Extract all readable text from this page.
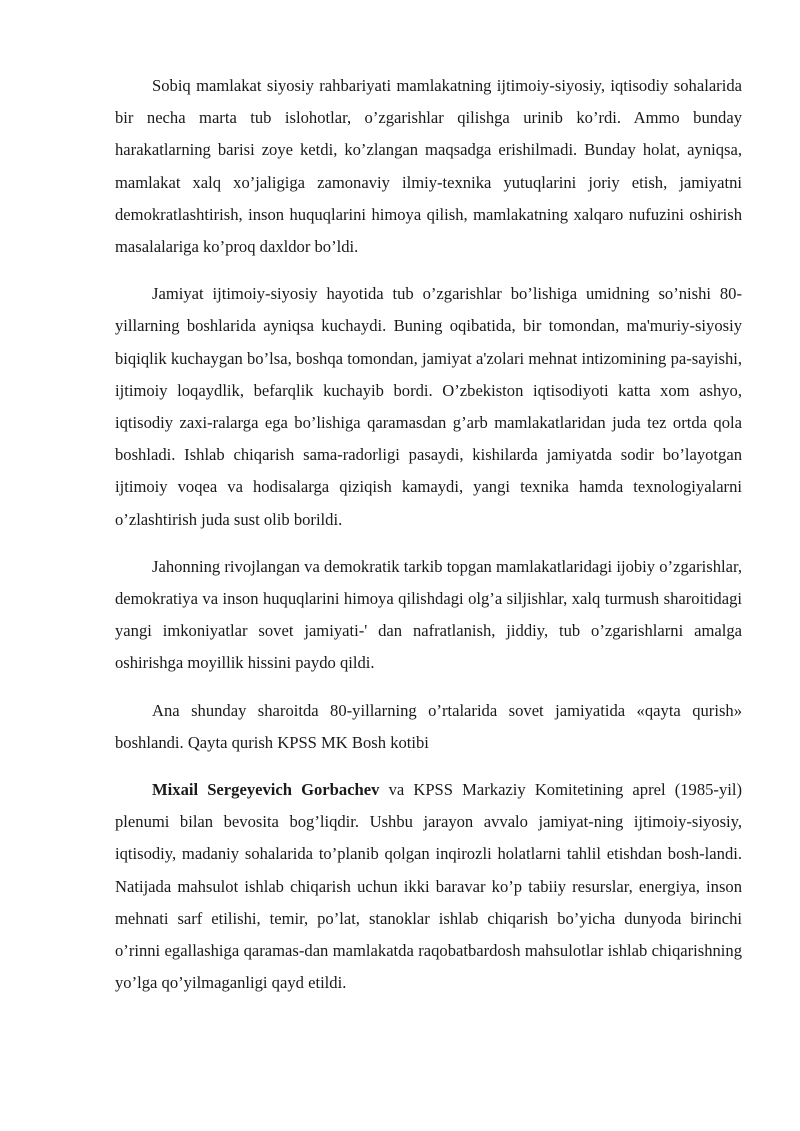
Sobiq mamlakat siyosiy rahbariyati mamlakatning ijtimoiy-siyosiy, iqtisodiy sohalarida bir necha marta tub islohotlar, o’zgarishlar qilishga urinib ko’rdi. Ammo bunday harakatlarning barisi zoye ketdi, ko’zlangan maqsadga erishilmadi. Bunday holat, ayniqsa, mamlakat xalq xo’jaligiga zamonaviy ilmiy-texnika yutuqlarini joriy etish, jamiyatni demokratlashtirish, inson huquqlarini himoya qilish, mamlakatning xalqaro nufuzini oshirish masalalariga ko’proq daxldor bo’ldi.

Jamiyat ijtimoiy-siyosiy hayotida tub o’zgarishlar bo’lishiga umidning so’nishi 80-yillarning boshlarida ayniqsa kuchaydi. Buning oqibatida, bir tomondan, ma'muriy-siyosiy biqiqlik kuchaygan bo’lsa, boshqa tomondan, jamiyat a'zolari mehnat intizomining pa-sayishi, ijtimoiy loqaydlik, befarqlik kuchayib bordi. O’zbekiston iqtisodiyoti katta xom ashyo, iqtisodiy zaxi-ralarga ega bo’lishiga qaramasdan g’arb mamlakatlaridan juda tez ortda qola boshladi. Ishlab chiqarish sama-radorligi pasaydi, kishilarda jamiyatda sodir bo’layotgan ijtimoiy voqea va hodisalarga qiziqish kamaydi, yangi texnika hamda texnologiyalarni o’zlashtirish juda sust olib borildi.

Jahonning rivojlangan va demokratik tarkib topgan mamlakatlaridagi ijobiy o’zgarishlar, demokratiya va inson huquqlarini himoya qilishdagi olg’a siljishlar, xalq turmush sharoitidagi yangi imkoniyatlar sovet jamiyati-' dan nafratlanish, jiddiy, tub o’zgarishlarni amalga oshirishga moyillik hissini paydo qildi.

Ana shunday sharoitda 80-yillarning o’rtalarida sovet jamiyatida «qayta qurish» boshlandi. Qayta qurish KPSS MK Bosh kotibi

Mixail Sergeyevich Gorbachev va KPSS Markaziy Komitetining aprel (1985-yil) plenumi bilan bevosita bog’liqdir. Ushbu jarayon avvalo jamiyat-ning ijtimoiy-siyosiy, iqtisodiy, madaniy sohalarida to’planib qolgan inqirozli holatlarni tahlil etishdan bosh-landi. Natijada mahsulot ishlab chiqarish uchun ikki baravar ko’p tabiiy resurslar, energiya, inson mehnati sarf etilishi, temir, po’lat, stanoklar ishlab chiqarish bo’yicha dunyoda birinchi o’rinni egallashiga qaramas-dan mamlakatda raqobatbardosh mahsulotlar ishlab chiqarishning yo’lga qo’yilmaganligi qayd etildi.
